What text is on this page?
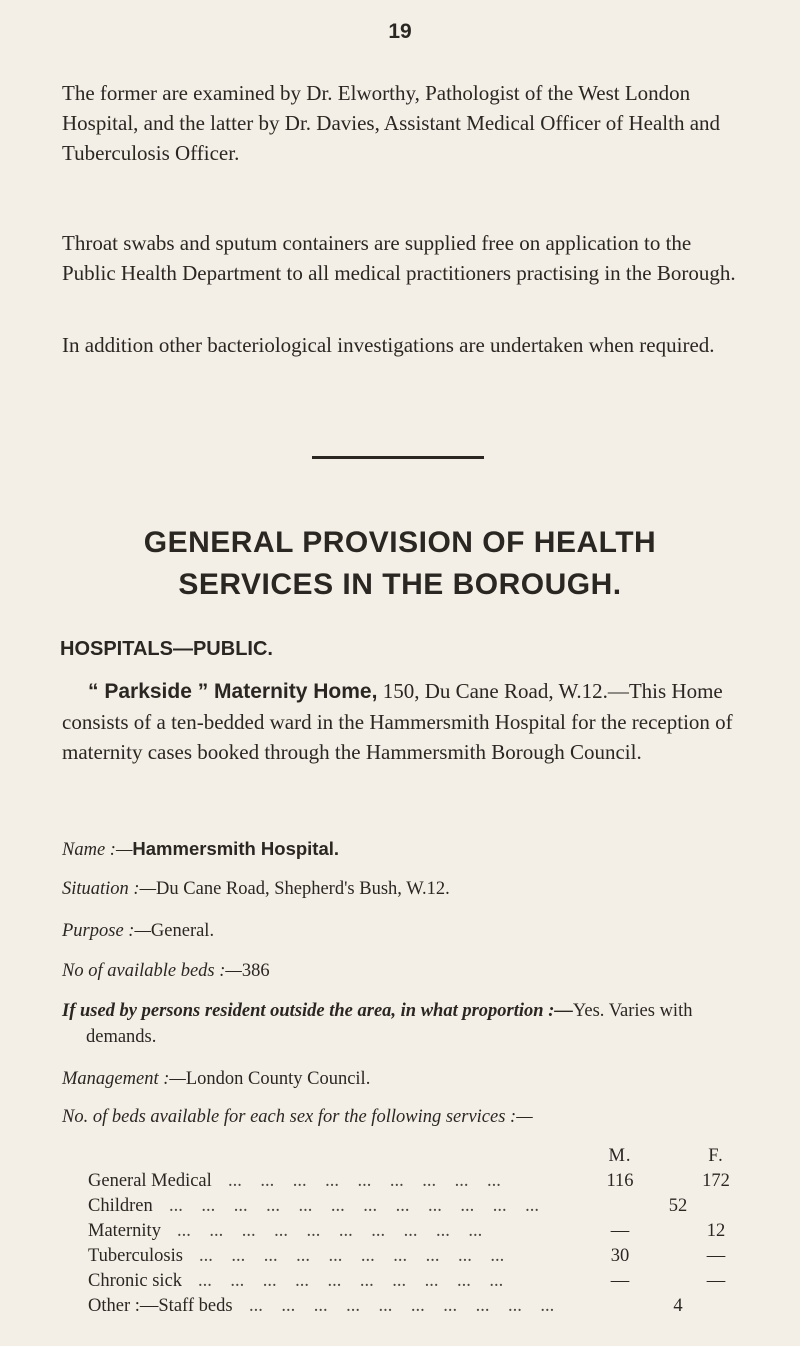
19

The former are examined by Dr. Elworthy, Pathologist of the West London Hospital, and the latter by Dr. Davies, Assistant Medical Officer of Health and Tuberculosis Officer.

Throat swabs and sputum containers are supplied free on application to the Public Health Department to all medical practitioners practising in the Borough.

In addition other bacteriological investigations are undertaken when required.

GENERAL PROVISION OF HEALTH
SERVICES IN THE BOROUGH.
HOSPITALS—PUBLIC.

“ Parkside ” Maternity Home, 150, Du Cane Road, W.12.—This Home consists of a ten-bedded ward in the Hammersmith Hospital for the reception of maternity cases booked through the Hammersmith Borough Council.

Name :—Hammersmith Hospital.

Situation :—Du Cane Road, Shepherd's Bush, W.12.

Purpose :—General.

No of available beds :—386

If used by persons resident outside the area, in what proportion :—Yes. Varies with demands.

Management :—London County Council.

No. of beds available for each sex for the following services :—

M.	F.
General Medical	116	172
...    ...    ...    ...    ...    ...    ...    ...    ...
Children	52
...    ...    ...    ...    ...    ...    ...    ...    ...    ...    ...    ...
Maternity	—	12
...    ...    ...    ...    ...    ...    ...    ...    ...    ...
Tuberculosis	30	—
...    ...    ...    ...    ...    ...    ...    ...    ...    ...
Chronic sick	—	—
...    ...    ...    ...    ...    ...    ...    ...    ...    ...
Other :—Staff beds	4
...    ...    ...    ...    ...    ...    ...    ...    ...    ...
